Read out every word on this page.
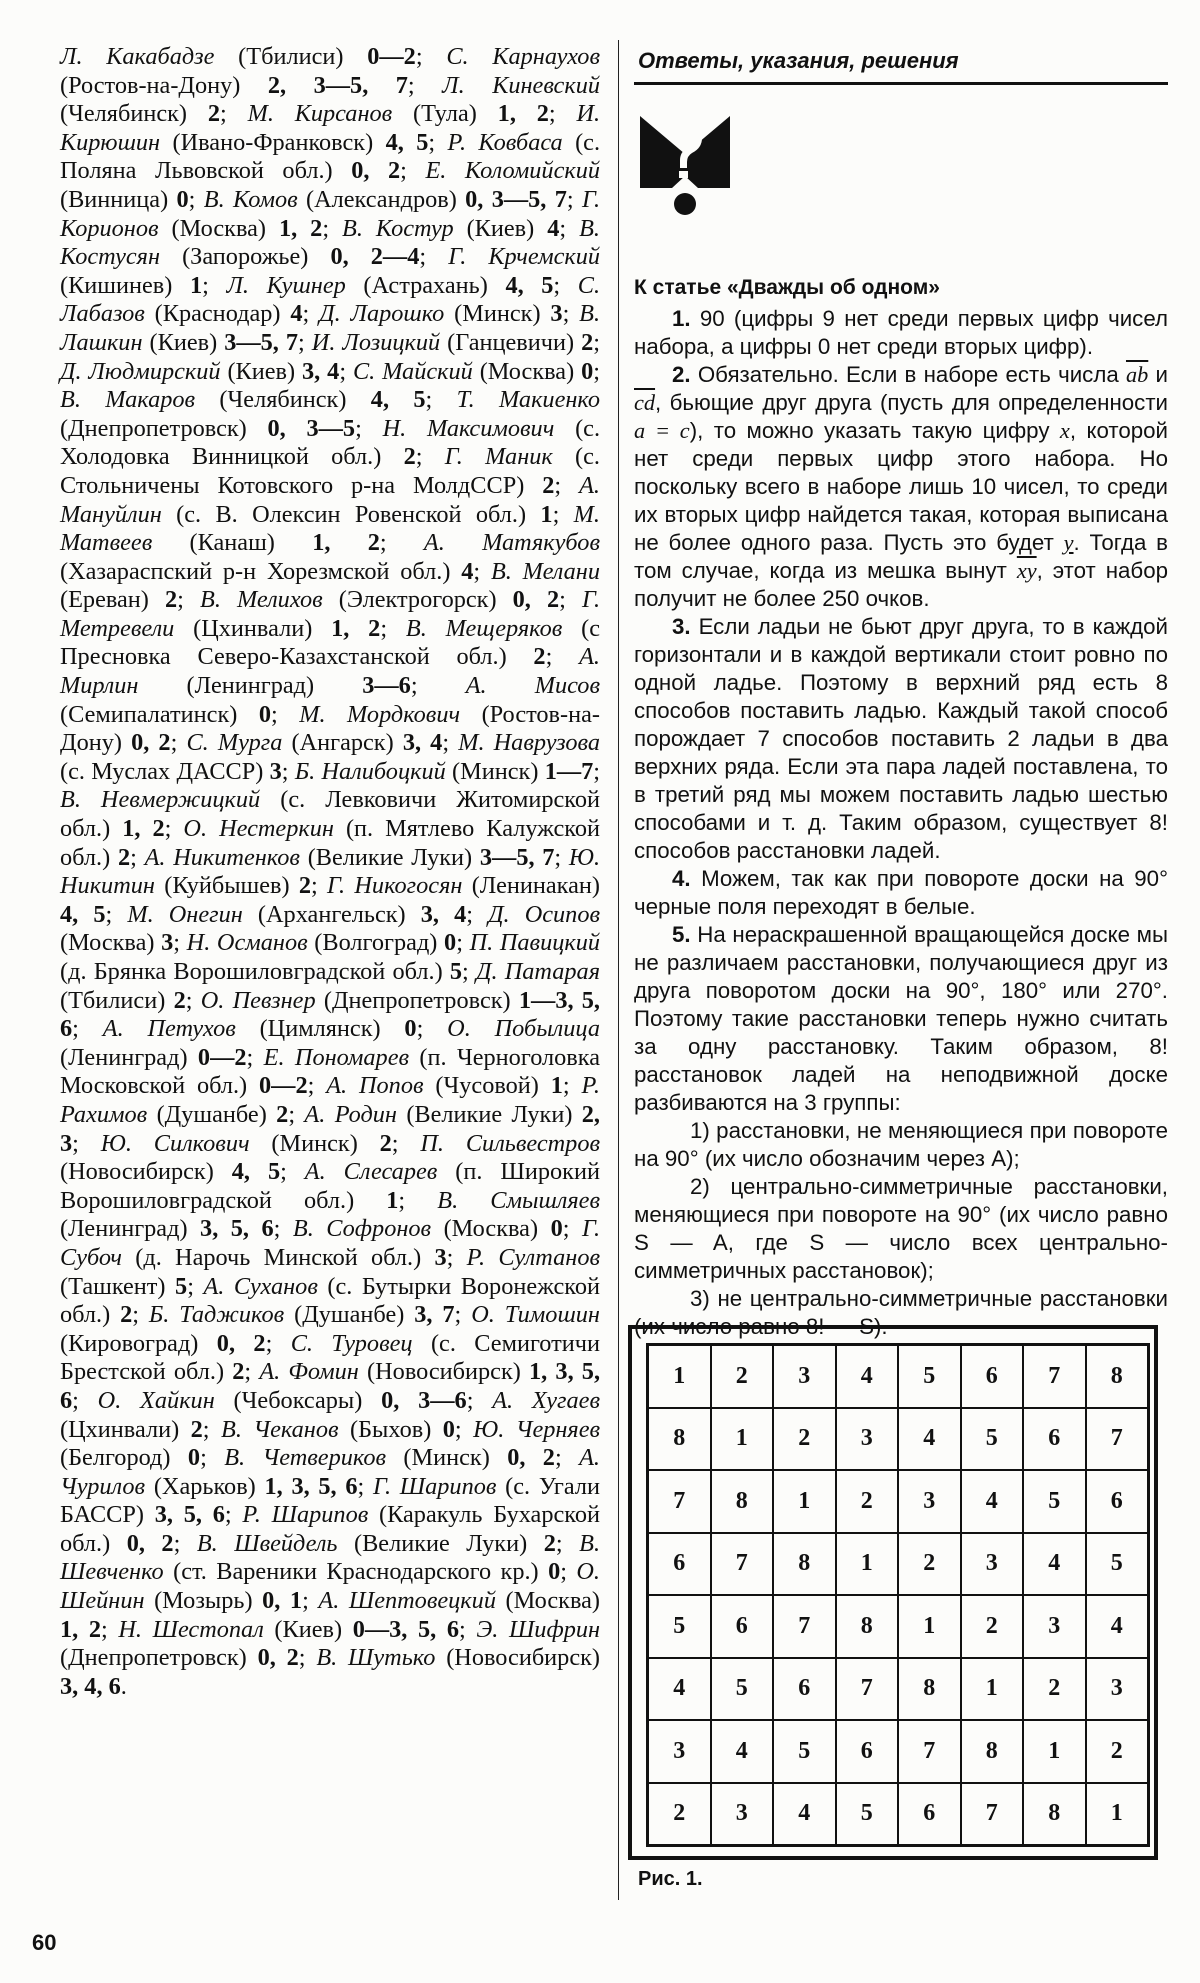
Л. Какабадзе (Тбилиси) 0—2; С. Карнаухов (Ростов-на-Дону) 2, 3—5, 7; Л. Киневский (Челябинск) 2; М. Кирсанов (Тула) 1, 2; И. Кирюшин (Ивано-Франковск) 4, 5; Р. Ковбаса (с. Поляна Львовской обл.) 0, 2; Е. Коломийский (Винница) 0; В. Комов (Александров) 0, 3—5, 7; Г. Корионов (Москва) 1, 2; В. Костур (Киев) 4; В. Костусян (Запорожье) 0, 2—4; Г. Крчемский (Кишинев) 1; Л. Кушнер (Астрахань) 4, 5; С. Лабазов (Краснодар) 4; Д. Ларошко (Минск) 3; В. Лашкин (Киев) 3—5, 7; И. Лозицкий (Ганцевичи) 2; Д. Людмирский (Киев) 3, 4; С. Майский (Москва) 0; В. Макаров (Челябинск) 4, 5; Т. Макиенко (Днепропетровск) 0, 3—5; Н. Максимович (с. Холодовка Винницкой обл.) 2; Г. Маник (с. Стольничены Котовского р-на МолдССР) 2; А. Мануйлин (с. В. Олексин Ровенской обл.) 1; М. Матвеев (Канаш) 1, 2; А. Матякубов (Хазараспский р-н Хорезмской обл.) 4; В. Мелани (Ереван) 2; В. Мелихов (Электрогорск) 0, 2; Г. Метревели (Цхинвали) 1, 2; В. Мещеряков (с Пресновка Северо-Казахстанской обл.) 2; А. Мирлин (Ленинград) 3—6; А. Мисов (Семипалатинск) 0; М. Мордкович (Ростов-на-Дону) 0, 2; С. Мурга (Ангарск) 3, 4; М. Наврузова (с. Муслах ДАССР) 3; Б. Налибоцкий (Минск) 1—7; В. Невмержицкий (с. Левковичи Житомирской обл.) 1, 2; О. Нестеркин (п. Мятлево Калужской обл.) 2; А. Никитенков (Великие Луки) 3—5, 7; Ю. Никитин (Куйбышев) 2; Г. Никогосян (Ленинакан) 4, 5; М. Онегин (Архангельск) 3, 4; Д. Осипов (Москва) 3; Н. Османов (Волгоград) 0; П. Павицкий (д. Брянка Ворошиловградской обл.) 5; Д. Патарая (Тбилиси) 2; О. Певзнер (Днепропетровск) 1—3, 5, 6; А. Петухов (Цимлянск) 0; О. Побылица (Ленинград) 0—2; Е. Пономарев (п. Черноголовка Московской обл.) 0—2; А. Попов (Чусовой) 1; Р. Рахимов (Душанбе) 2; А. Родин (Великие Луки) 2, 3; Ю. Силкович (Минск) 2; П. Сильвестров (Новосибирск) 4, 5; А. Слесарев (п. Широкий Ворошиловградской обл.) 1; В. Смышляев (Ленинград) 3, 5, 6; В. Софронов (Москва) 0; Г. Субоч (д. Нарочь Минской обл.) 3; Р. Султанов (Ташкент) 5; А. Суханов (с. Бутырки Воронежской обл.) 2; Б. Таджиков (Душанбе) 3, 7; О. Тимошин (Кировоград) 0, 2; С. Туровец (с. Семиготичи Брестской обл.) 2; А. Фомин (Новосибирск) 1, 3, 5, 6; О. Хайкин (Чебоксары) 0, 3—6; А. Хугаев (Цхинвали) 2; В. Чеканов (Быхов) 0; Ю. Черняев (Белгород) 0; В. Четвериков (Минск) 0, 2; А. Чурилов (Харьков) 1, 3, 5, 6; Г. Шарипов (с. Угали БАССР) 3, 5, 6; Р. Шарипов (Каракуль Бухарской обл.) 0, 2; В. Швейдель (Великие Луки) 2; В. Шевченко (ст. Вареники Краснодарского кр.) 0; О. Шейнин (Мозырь) 0, 1; А. Шептовецкий (Москва) 1, 2; Н. Шестопал (Киев) 0—3, 5, 6; Э. Шифрин (Днепропетровск) 0, 2; В. Шутько (Новосибирск) 3, 4, 6.

Ответы, указания, решения
К статье «Дважды об одном»

1. 90 (цифры 9 нет среди первых цифр чисел набора, а цифры 0 нет среди вторых цифр).

2. Обязательно. Если в наборе есть числа $\overline{ab}$ и $\overline{cd}$, бьющие друг друга (пусть для определенности a = c), то можно указать такую цифру x, которой нет среди первых цифр этого набора. Но поскольку всего в наборе лишь 10 чисел, то среди их вторых цифр найдется такая, которая выписана не более одного раза. Пусть это будет y. Тогда в том случае, когда из мешка вынут $\overline{xy}$, этот набор получит не более 250 очков.

3. Если ладьи не бьют друг друга, то в каждой горизонтали и в каждой вертикали стоит ровно по одной ладье. Поэтому в верхний ряд есть 8 способов поставить ладью. Каждый такой способ порождает 7 способов поставить 2 ладьи в два верхних ряда. Если эта пара ладей поставлена, то в третий ряд мы можем поставить ладью шестью способами и т. д. Таким образом, существует 8! способов расстановки ладей.

4. Можем, так как при повороте доски на 90° черные поля переходят в белые.

5. На нераскрашенной вращающейся доске мы не различаем расстановки, получающиеся друг из друга поворотом доски на 90°, 180° или 270°. Поэтому такие расстановки теперь нужно считать за одну расстановку. Таким образом, 8! расстановок ладей на неподвижной доске разбиваются на 3 группы:

1) расстановки, не меняющиеся при повороте на 90° (их число обозначим через A);

2) центрально-симметричные расстановки, меняющиеся при повороте на 90° (их число равно S — A, где S — число всех центрально-симметричных расстановок);

3) не центрально-симметричные расстановки (их число равно 8! — S).

1	2	3	4	5	6	7	8
8	1	2	3	4	5	6	7
7	8	1	2	3	4	5	6
6	7	8	1	2	3	4	5
5	6	7	8	1	2	3	4
4	5	6	7	8	1	2	3
3	4	5	6	7	8	1	2
2	3	4	5	6	7	8	1
Рис. 1.
60
